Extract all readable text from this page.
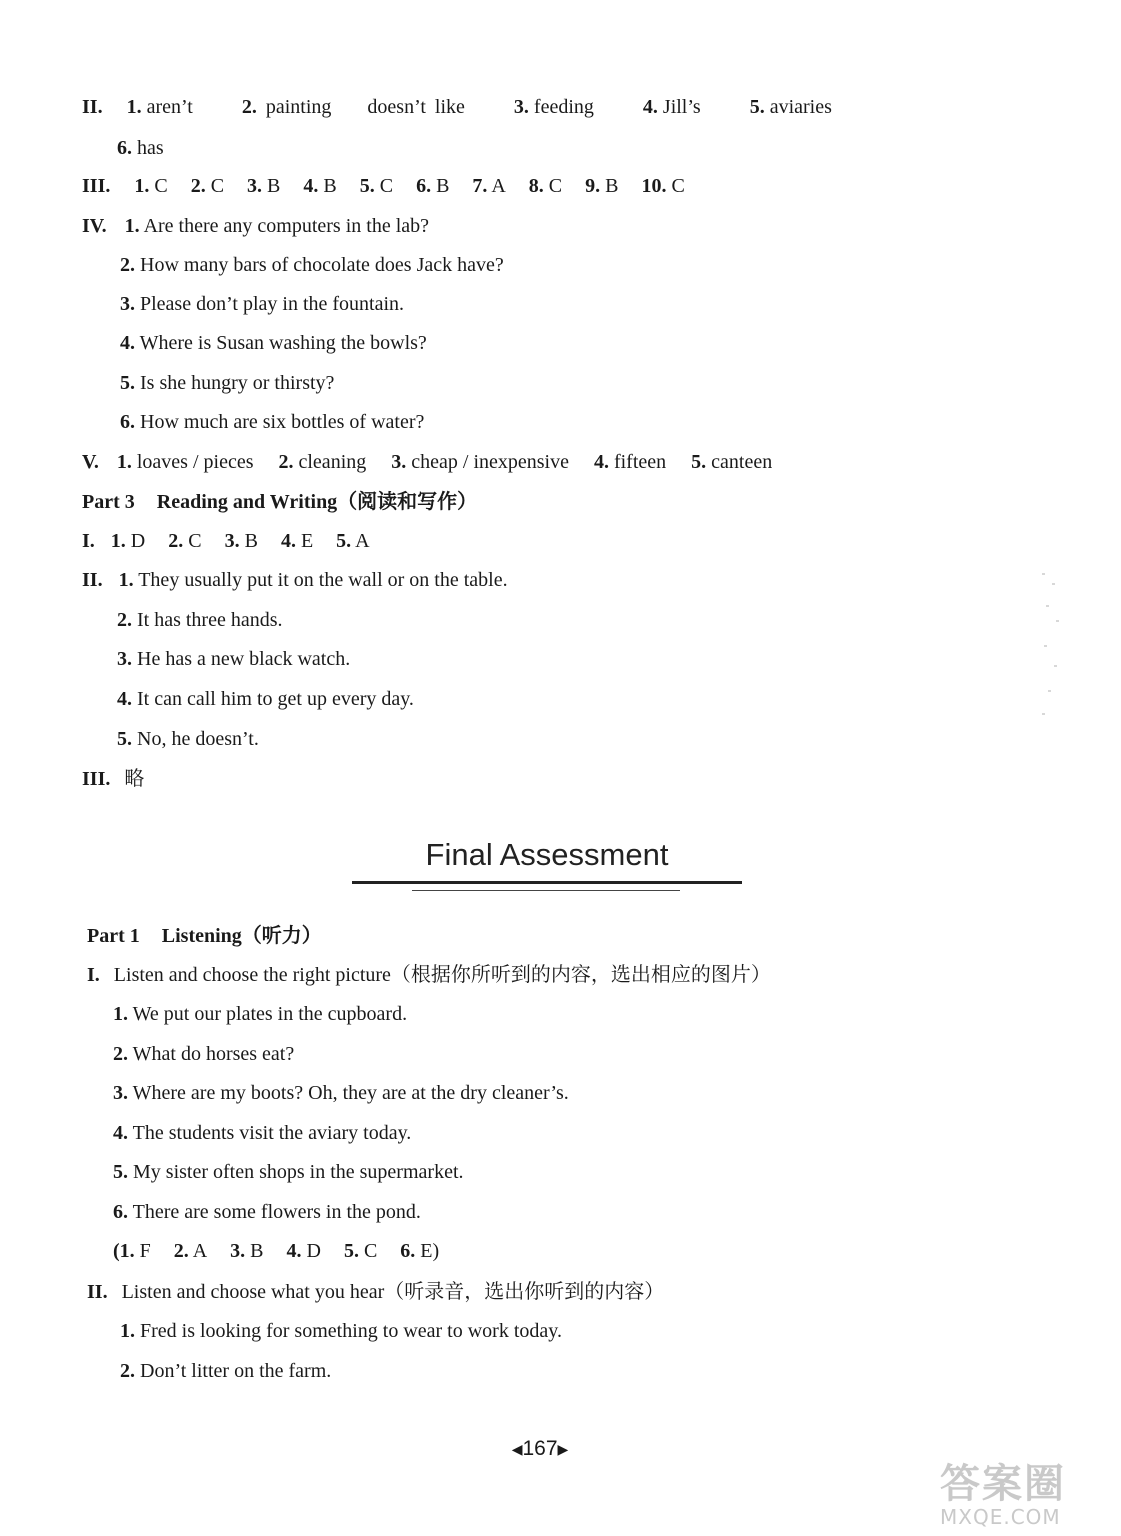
II. 1. aren’t 2. painting    doesn’t like 3. feeding 4. Jill’s 5. aviaries
6. has
III. 1. C 2. C 3. B 4. B 5. C 6. B 7. A 8. C 9. B 10. C
IV. 1. Are there any computers in the lab?
2. How many bars of chocolate does Jack have?
3. Please don’t play in the fountain.
4. Where is Susan washing the bowls?
5. Is she hungry or thirsty?
6. How much are six bottles of water?
V. 1. loaves / pieces 2. cleaning 3. cheap / inexpensive 4. fifteen 5. canteen
Part 3 Reading and Writing（阅读和写作）
I. 1. D 2. C 3. B 4. E 5. A
II. 1. They usually put it on the wall or on the table.
2. It has three hands.
3. He has a new black watch.
4. It can call him to get up every day.
5. No, he doesn’t.
III. 略
Final Assessment
Part 1 Listening（听力）
I. Listen and choose the right picture（根据你所听到的内容，选出相应的图片）
1. We put our plates in the cupboard.
2. What do horses eat?
3. Where are my boots? Oh, they are at the dry cleaner’s.
4. The students visit the aviary today.
5. My sister often shops in the supermarket.
6. There are some flowers in the pond.
(1. F 2. A 3. B 4. D 5. C 6. E)
II. Listen and choose what you hear（听录音，选出你听到的内容）
1. Fred is looking for something to wear to work today.
2. Don’t litter on the farm.
◀167▶
答案圈
MXQE.COM
